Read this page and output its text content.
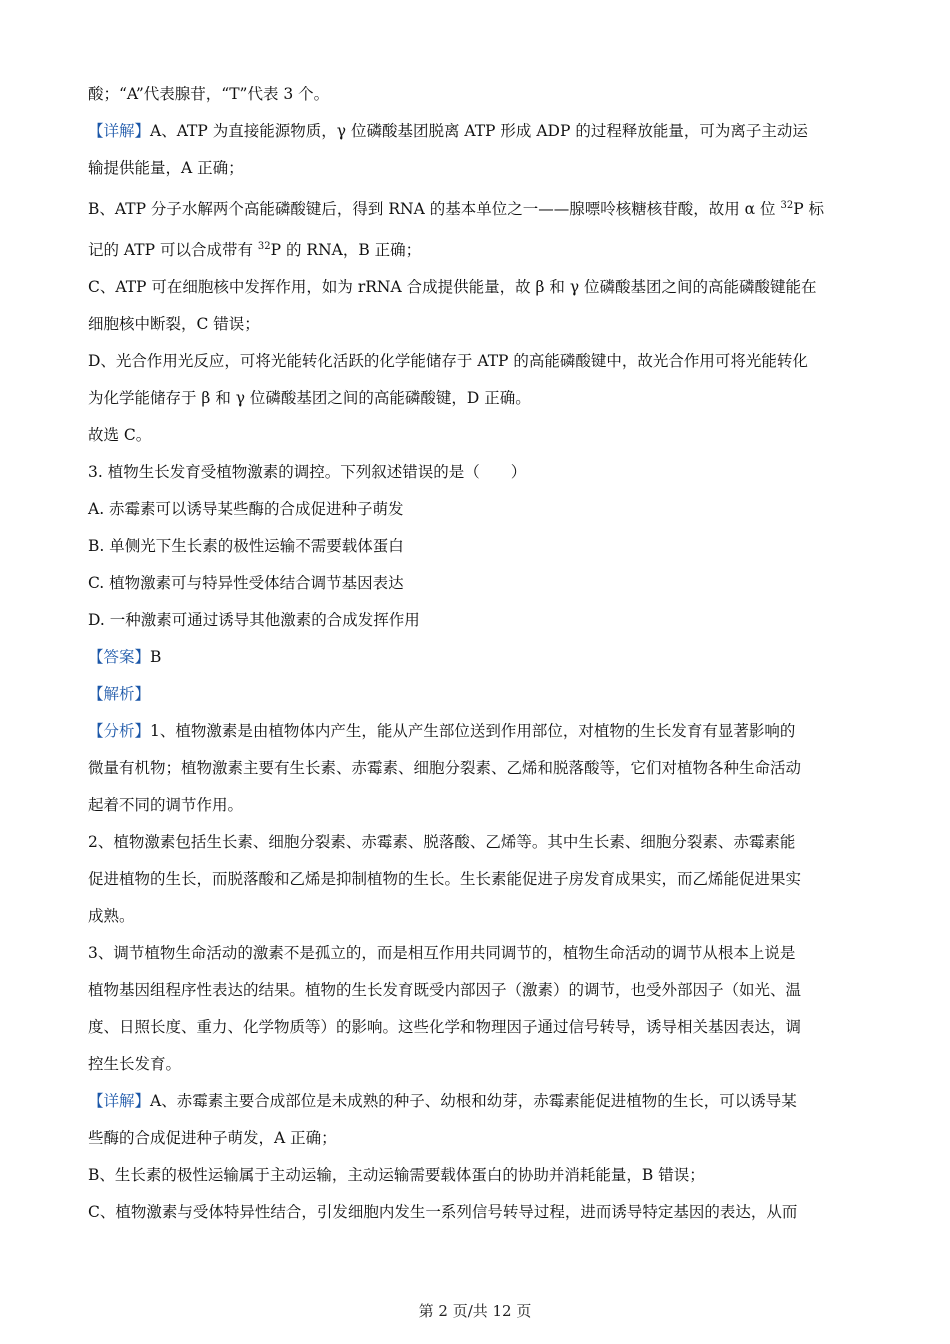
酸；“A”代表腺苷，“T”代表 3 个。

【详解】A、ATP 为直接能源物质，γ 位磷酸基团脱离 ATP 形成 ADP 的过程释放能量，可为离子主动运

输提供能量，A 正确；

B、ATP 分子水解两个高能磷酸键后，得到 RNA 的基本单位之一——腺嘌呤核糖核苷酸，故用 α 位 $^{32}$P 标

记的 ATP 可以合成带有 $^{32}$P 的 RNA，B 正确；

C、ATP 可在细胞核中发挥作用，如为 rRNA 合成提供能量，故 β 和 γ 位磷酸基团之间的高能磷酸键能在

细胞核中断裂，C 错误；

D、光合作用光反应，可将光能转化活跃的化学能储存于 ATP 的高能磷酸键中，故光合作用可将光能转化

为化学能储存于 β 和 γ 位磷酸基团之间的高能磷酸键，D 正确。

故选 C。

3. 植物生长发育受植物激素的调控。下列叙述错误的是（　　）

A. 赤霉素可以诱导某些酶的合成促进种子萌发

B. 单侧光下生长素的极性运输不需要载体蛋白

C. 植物激素可与特异性受体结合调节基因表达

D. 一种激素可通过诱导其他激素的合成发挥作用

【答案】B

【解析】

【分析】1、植物激素是由植物体内产生，能从产生部位送到作用部位，对植物的生长发育有显著影响的

微量有机物；植物激素主要有生长素、赤霉素、细胞分裂素、乙烯和脱落酸等，它们对植物各种生命活动

起着不同的调节作用。

2、植物激素包括生长素、细胞分裂素、赤霉素、脱落酸、乙烯等。其中生长素、细胞分裂素、赤霉素能

促进植物的生长，而脱落酸和乙烯是抑制植物的生长。生长素能促进子房发育成果实，而乙烯能促进果实

成熟。

3、调节植物生命活动的激素不是孤立的，而是相互作用共同调节的，植物生命活动的调节从根本上说是

植物基因组程序性表达的结果。植物的生长发育既受内部因子（激素）的调节，也受外部因子（如光、温

度、日照长度、重力、化学物质等）的影响。这些化学和物理因子通过信号转导，诱导相关基因表达，调

控生长发育。

【详解】A、赤霉素主要合成部位是未成熟的种子、幼根和幼芽，赤霉素能促进植物的生长，可以诱导某

些酶的合成促进种子萌发，A 正确；

B、生长素的极性运输属于主动运输，主动运输需要载体蛋白的协助并消耗能量，B 错误；

C、植物激素与受体特异性结合，引发细胞内发生一系列信号转导过程，进而诱导特定基因的表达，从而

第 2 页/共 12 页
